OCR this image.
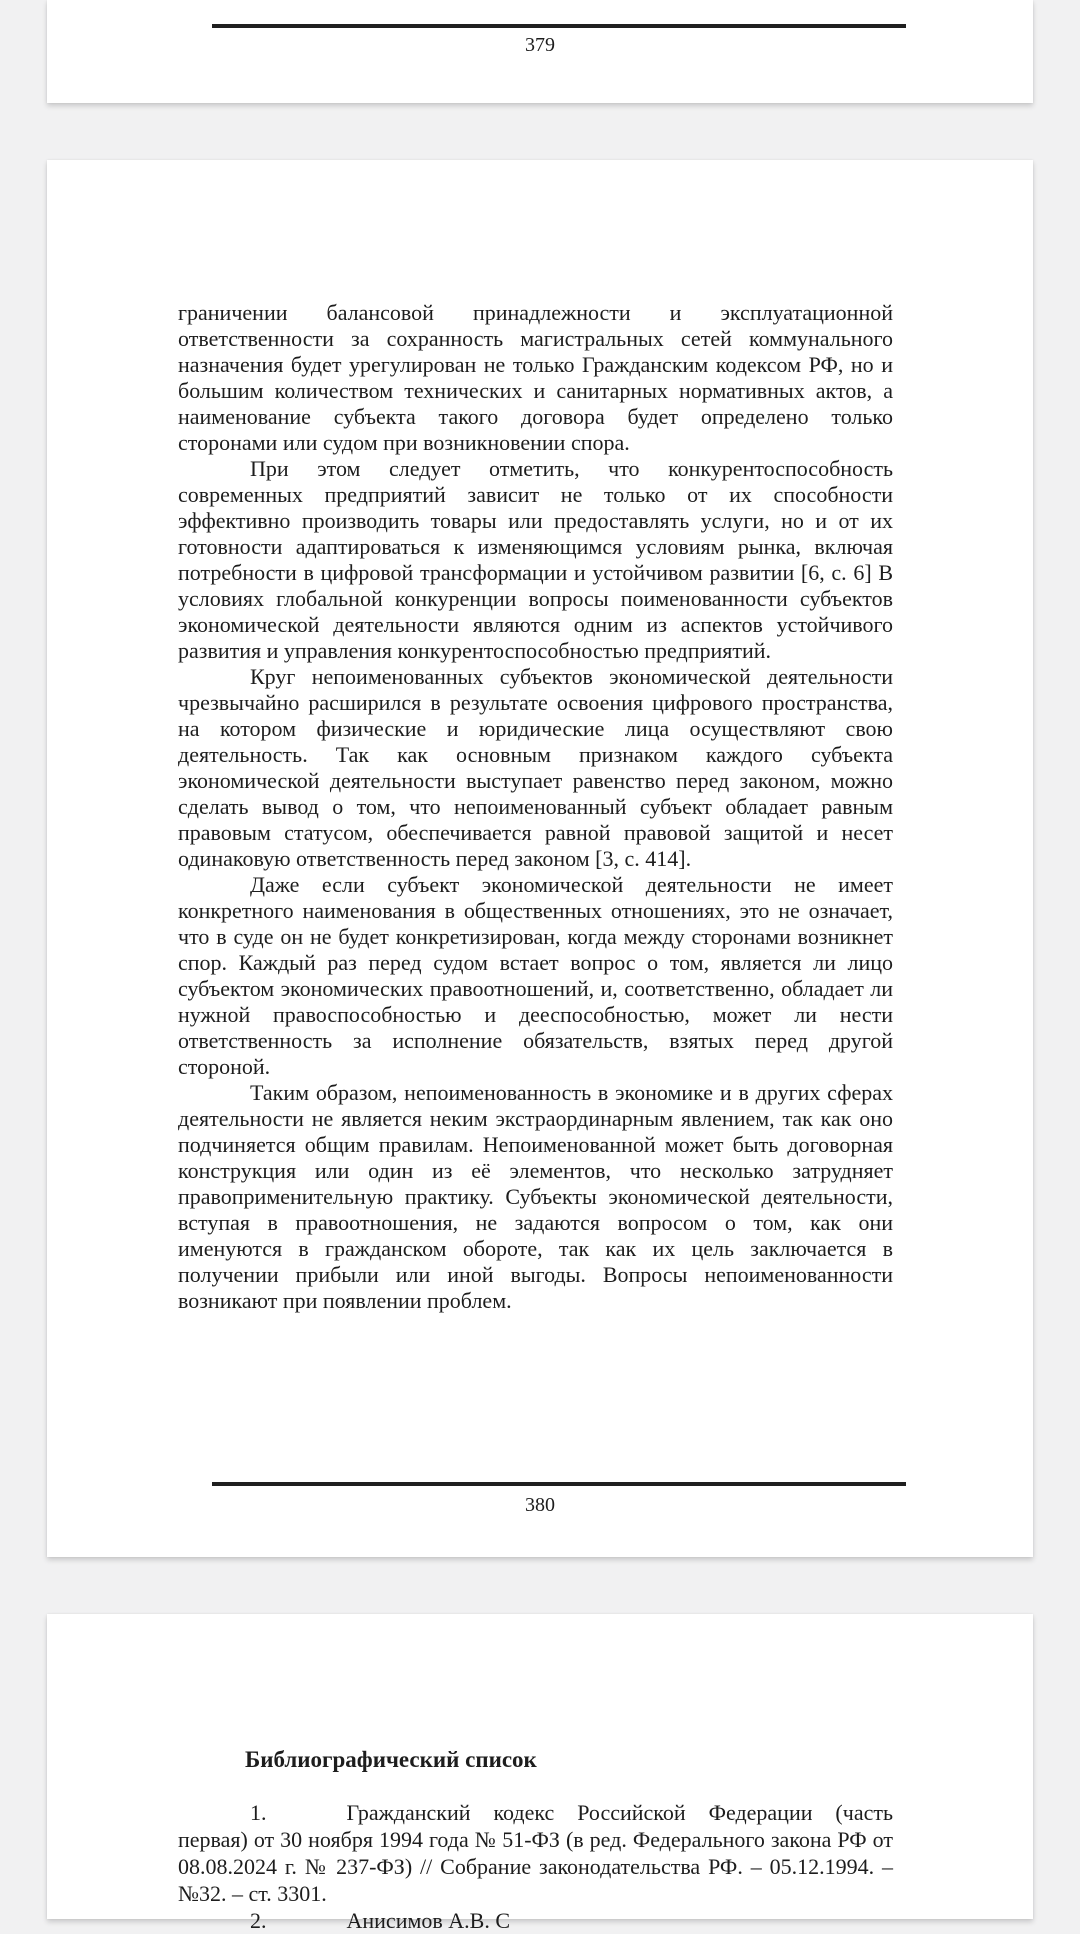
379

граничении балансовой принадлежности и эксплуатационной ответственности за сохранность магистральных сетей коммунального назначения будет урегулирован не только Гражданским кодексом РФ, но и большим количеством технических и санитарных нормативных актов, а наименование субъекта такого договора будет определено только сторонами или судом при возникновении спора.

При этом следует отметить, что конкурентоспособность современных предприятий зависит не только от их способности эффективно производить товары или предоставлять услуги, но и от их готовности адаптироваться к изменяющимся условиям рынка, включая потребности в цифровой трансформации и устойчивом развитии [6, с. 6] В условиях глобальной конкуренции вопросы поименованности субъектов экономической деятельности являются одним из аспектов устойчивого развития и управления конкурентоспособностью предприятий.

Круг непоименованных субъектов экономической деятельности чрезвычайно расширился в результате освоения цифрового пространства, на котором физические и юридические лица осуществляют свою деятельность. Так как основным признаком каждого субъекта экономической деятельности выступает равенство перед законом, можно сделать вывод о том, что непоименованный субъект обладает равным правовым статусом, обеспечивается равной правовой защитой и несет одинаковую ответственность перед законом [3, с. 414].

Даже если субъект экономической деятельности не имеет конкретного наименования в общественных отношениях, это не означает, что в суде он не будет конкретизирован, когда между сторонами возникнет спор. Каждый раз перед судом встает вопрос о том, является ли лицо субъектом экономических правоотношений, и, соответственно, обладает ли нужной правоспособностью и дееспособностью, может ли нести ответственность за исполнение обязательств, взятых перед другой стороной.

Таким образом, непоименованность в экономике и в других сферах деятельности не является неким экстраординарным явлением, так как оно подчиняется общим правилам. Непоименованной может быть договорная конструкция или один из её элементов, что несколько затрудняет правоприменительную практику. Субъекты экономической деятельности, вступая в правоотношения, не задаются вопросом о том, как они именуются в гражданском обороте, так как их цель заключается в получении прибыли или иной выгоды. Вопросы непоименованности возникают при появлении проблем.

380
Библиографический список

1.	Гражданский кодекс Российской Федерации (часть первая) от 30 ноября 1994 года № 51-ФЗ (в ред. Федерального закона РФ от 08.08.2024 г. № 237-ФЗ) // Собрание законодательства РФ. – 05.12.1994. – №32. – ст. 3301.

2.	Анисимов А.В. С
